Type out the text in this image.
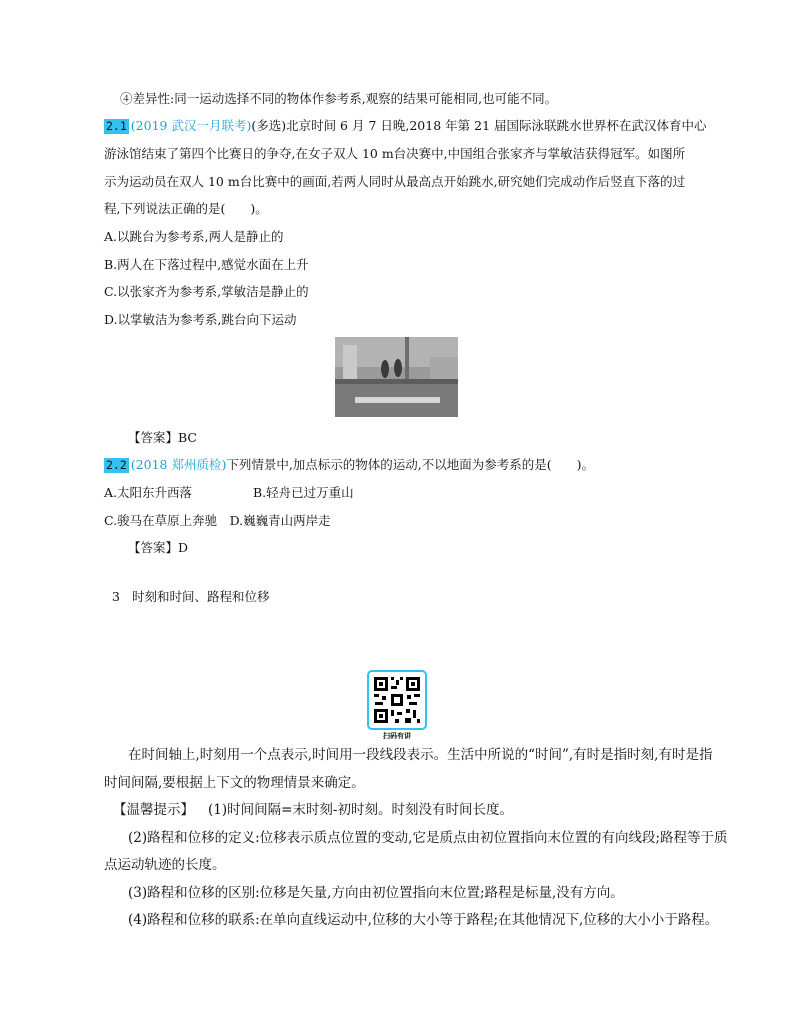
④差异性:同一运动选择不同的物体作参考系,观察的结果可能相同,也可能不同。
2.1 (2019 武汉一月联考)(多选)北京时间 6 月 7 日晚,2018 年第 21 届国际泳联跳水世界杯在武汉体育中心
游泳馆结束了第四个比赛日的争夺,在女子双人 10 m台决赛中,中国组合张家齐与掌敏洁获得冠军。如图所
示为运动员在双人 10 m台比赛中的画面,若两人同时从最高点开始跳水,研究她们完成动作后竖直下落的过
程,下列说法正确的是(　　)。
A.以跳台为参考系,两人是静止的
B.两人在下落过程中,感觉水面在上升
C.以张家齐为参考系,掌敏洁是静止的
D.以掌敏洁为参考系,跳台向下运动
【答案】BC
2.2 (2018 郑州质检)下列情景中,加点标示的物体的运动,不以地面为参考系的是(　　)。
A.太阳东升西落	B.轻舟已过万重山
C.骏马在草原上奔驰　D.巍巍青山两岸走
【答案】D
3 时刻和时间、路程和位移
扫码有讲
在时间轴上,时刻用一个点表示,时间用一段线段表示。生活中所说的“时间”,有时是指时刻,有时是指
时间间隔,要根据上下文的物理情景来确定。
【温馨提示】 (1)时间间隔=末时刻-初时刻。时刻没有时间长度。
(2)路程和位移的定义:位移表示质点位置的变动,它是质点由初位置指向末位置的有向线段;路程等于质
点运动轨迹的长度。
(3)路程和位移的区别:位移是矢量,方向由初位置指向末位置;路程是标量,没有方向。
(4)路程和位移的联系:在单向直线运动中,位移的大小等于路程;在其他情况下,位移的大小小于路程。
